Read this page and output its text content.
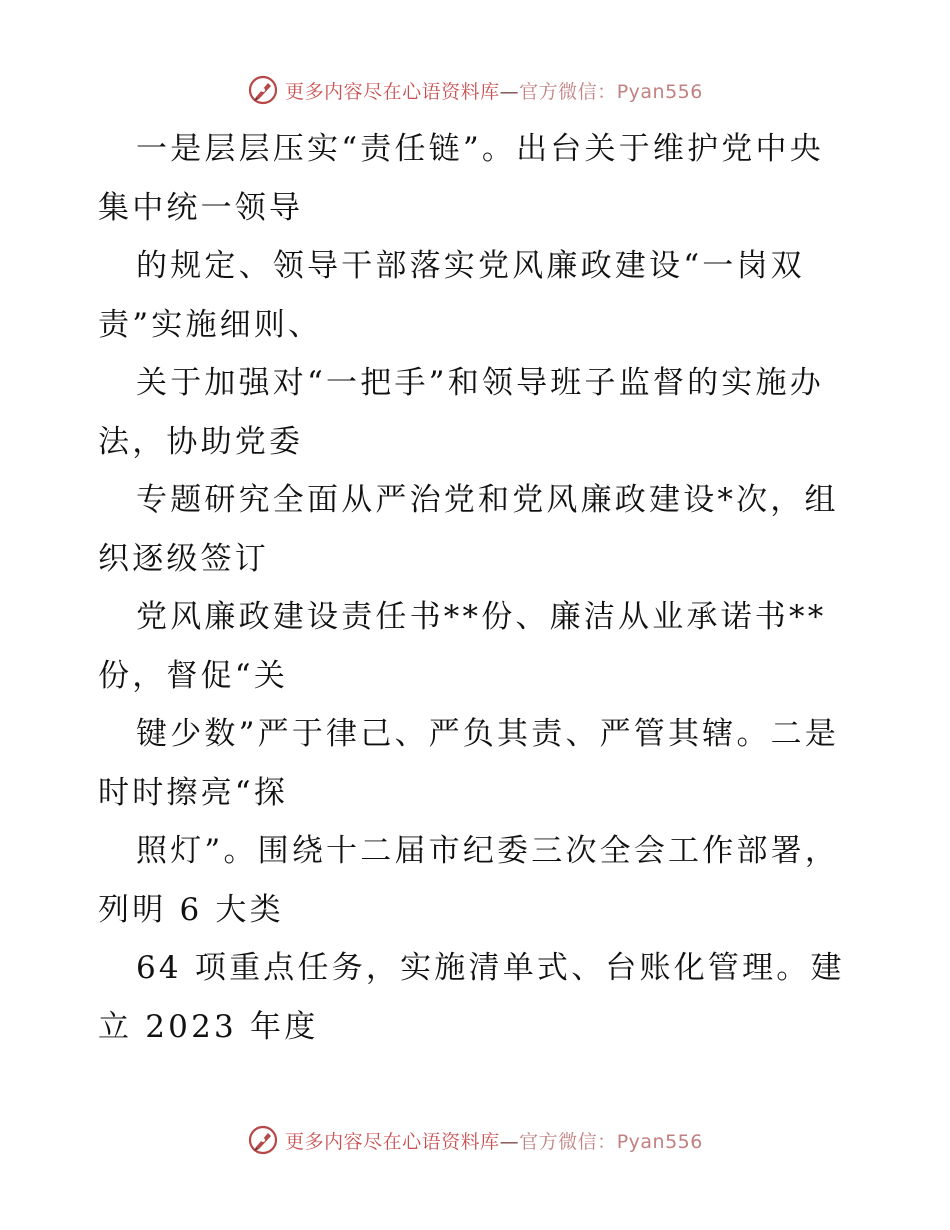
更多内容尽在心语资料库—官方微信：Pyan556
一是层层压实“责任链”。出台关于维护党中央
集中统一领导
的规定、领导干部落实党风廉政建设“一岗双
责”实施细则、
关于加强对“一把手”和领导班子监督的实施办
法，协助党委
专题研究全面从严治党和党风廉政建设*次，组
织逐级签订
党风廉政建设责任书**份、廉洁从业承诺书**
份，督促“关
键少数”严于律己、严负其责、严管其辖。二是
时时擦亮“探
照灯”。围绕十二届市纪委三次全会工作部署，
列明 6 大类
64 项重点任务，实施清单式、台账化管理。建
立 2023 年度
更多内容尽在心语资料库—官方微信：Pyan556
